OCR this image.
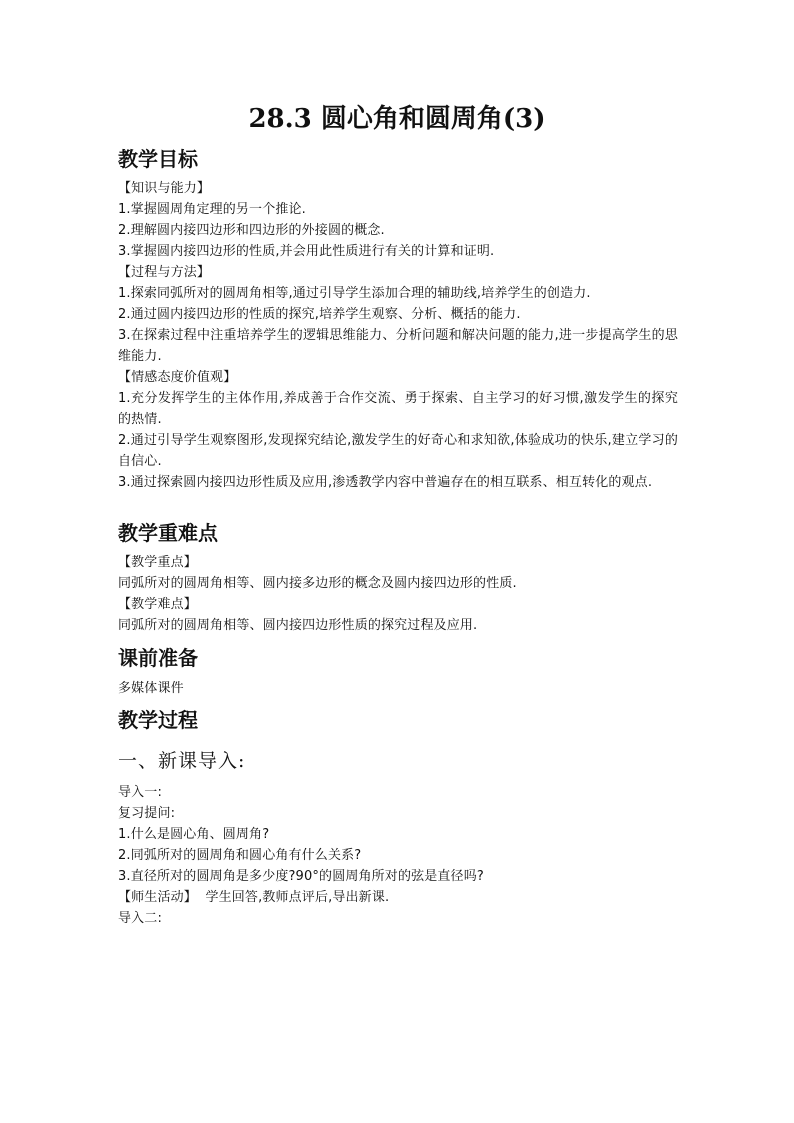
28.3 圆心角和圆周角(3)
教学目标

【知识与能力】

1.掌握圆周角定理的另一个推论.

2.理解圆内接四边形和四边形的外接圆的概念.

3.掌握圆内接四边形的性质,并会用此性质进行有关的计算和证明.

【过程与方法】

1.探索同弧所对的圆周角相等,通过引导学生添加合理的辅助线,培养学生的创造力.

2.通过圆内接四边形的性质的探究,培养学生观察、分析、概括的能力.

3.在探索过程中注重培养学生的逻辑思维能力、分析问题和解决问题的能力,进一步提高学生的思维能力.

【情感态度价值观】

1.充分发挥学生的主体作用,养成善于合作交流、勇于探索、自主学习的好习惯,激发学生的探究的热情.

2.通过引导学生观察图形,发现探究结论,激发学生的好奇心和求知欲,体验成功的快乐,建立学习的自信心.

3.通过探索圆内接四边形性质及应用,渗透教学内容中普遍存在的相互联系、相互转化的观点.

教学重难点

【教学重点】

同弧所对的圆周角相等、圆内接多边形的概念及圆内接四边形的性质.

【教学难点】

同弧所对的圆周角相等、圆内接四边形性质的探究过程及应用.

课前准备

多媒体课件

教学过程
一、新课导入:

导入一:

复习提问:

1.什么是圆心角、圆周角?

2.同弧所对的圆周角和圆心角有什么关系?

3.直径所对的圆周角是多少度?90°的圆周角所对的弦是直径吗?

【师生活动】  学生回答,教师点评后,导出新课.

导入二:
